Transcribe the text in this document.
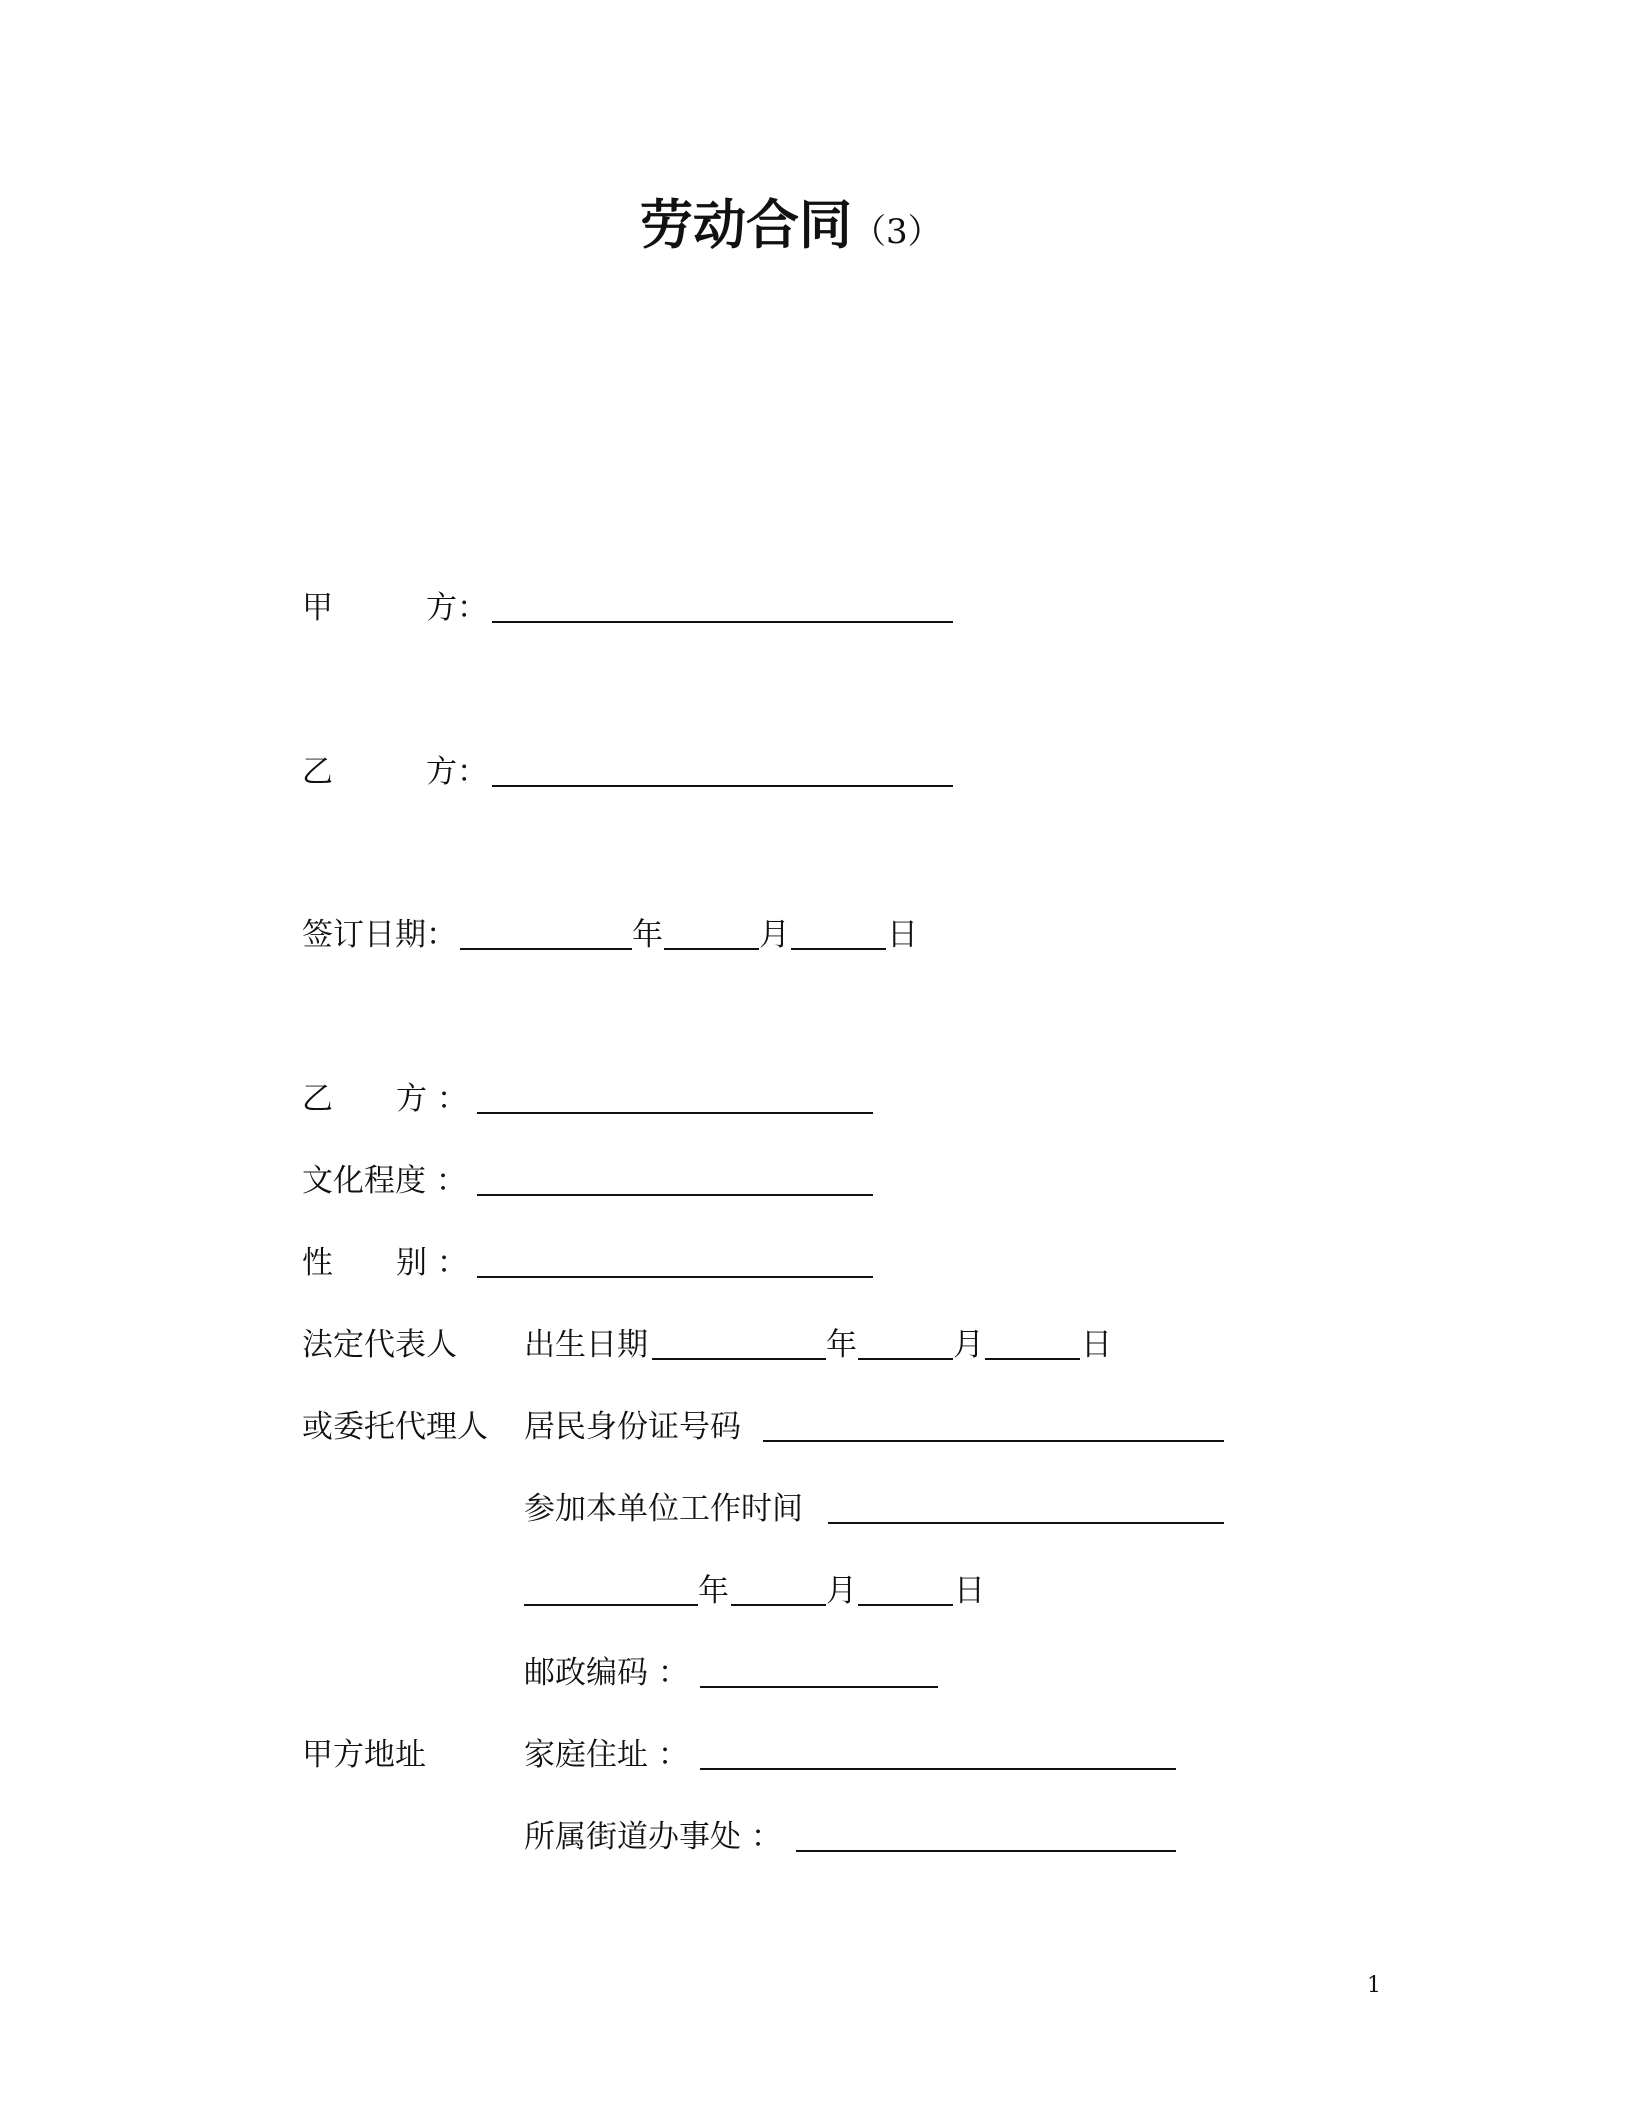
劳动合同（3）
甲	方：
乙	方：
签订日期：	年	月	日
乙 方 ：
文化程度 ：
性 别 ：
法定代表人 出生日期	年	月	日
或委托代理人 居民身份证号码
参加本单位工作时间
年	月	日
邮政编码 ：
甲方地址	家庭住址 ：
所属街道办事处 ：
1
